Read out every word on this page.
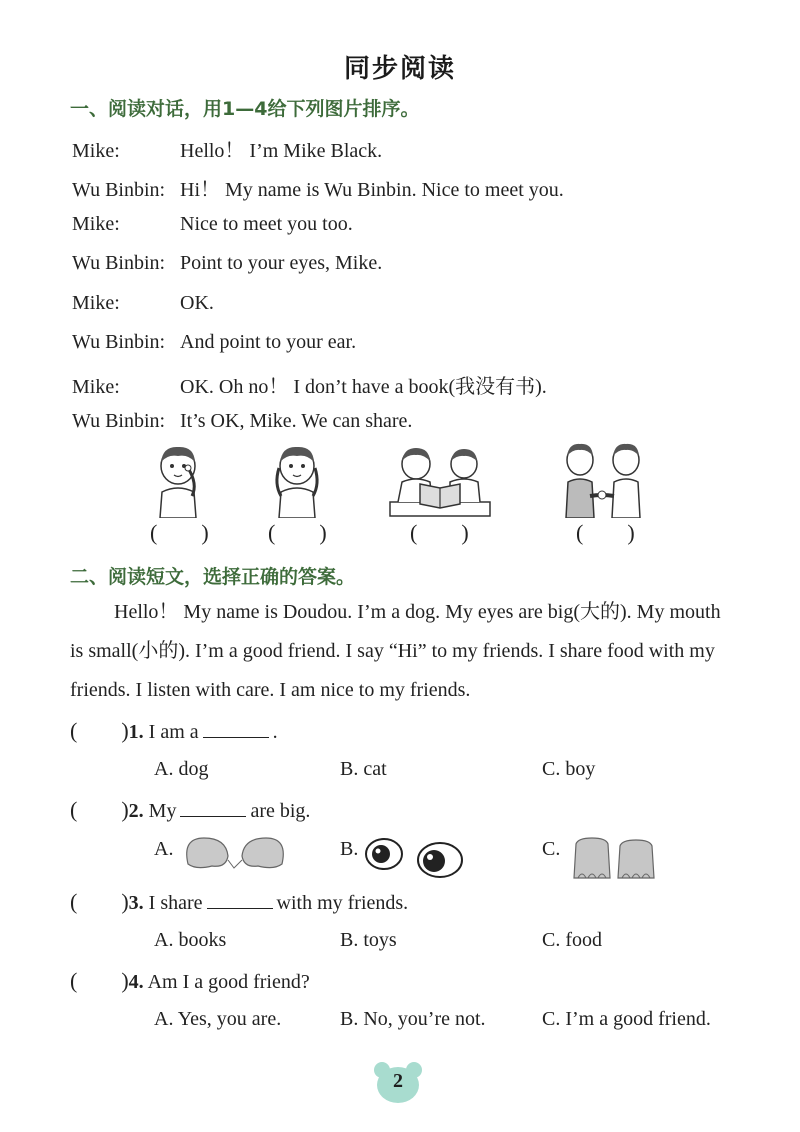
同步阅读
一、阅读对话，用1—4给下列图片排序。
Mike:	Hello！ I’m Mike Black.
Wu Binbin: Hi！ My name is Wu Binbin. Nice to meet you.
Mike:	Nice to meet you too.
Wu Binbin: Point to your eyes, Mike.
Mike:	OK.
Wu Binbin: And point to your ear.
Mike:	OK. Oh no！ I don’t have a book(我没有书).
Wu Binbin: It’s OK, Mike. We can share.
(        )	(        )	(        )	(        )
二、阅读短文，选择正确的答案。
Hello！ My name is Doudou. I’m a dog. My eyes are big(大的). My mouth is small(小的). I’m a good friend. I say “Hi” to my friends. I share food with my friends. I listen with care. I am nice to my friends.
(        )1. I am a	.
A. dog	B. cat	C. boy
(        )2. My	are big.
A.	B.	C.
(        )3. I share	with my friends.
A. books	B. toys	C. food
(        )4. Am I a good friend?
A. Yes, you are.	B. No, you’re not.	C. I’m a good friend.
2
